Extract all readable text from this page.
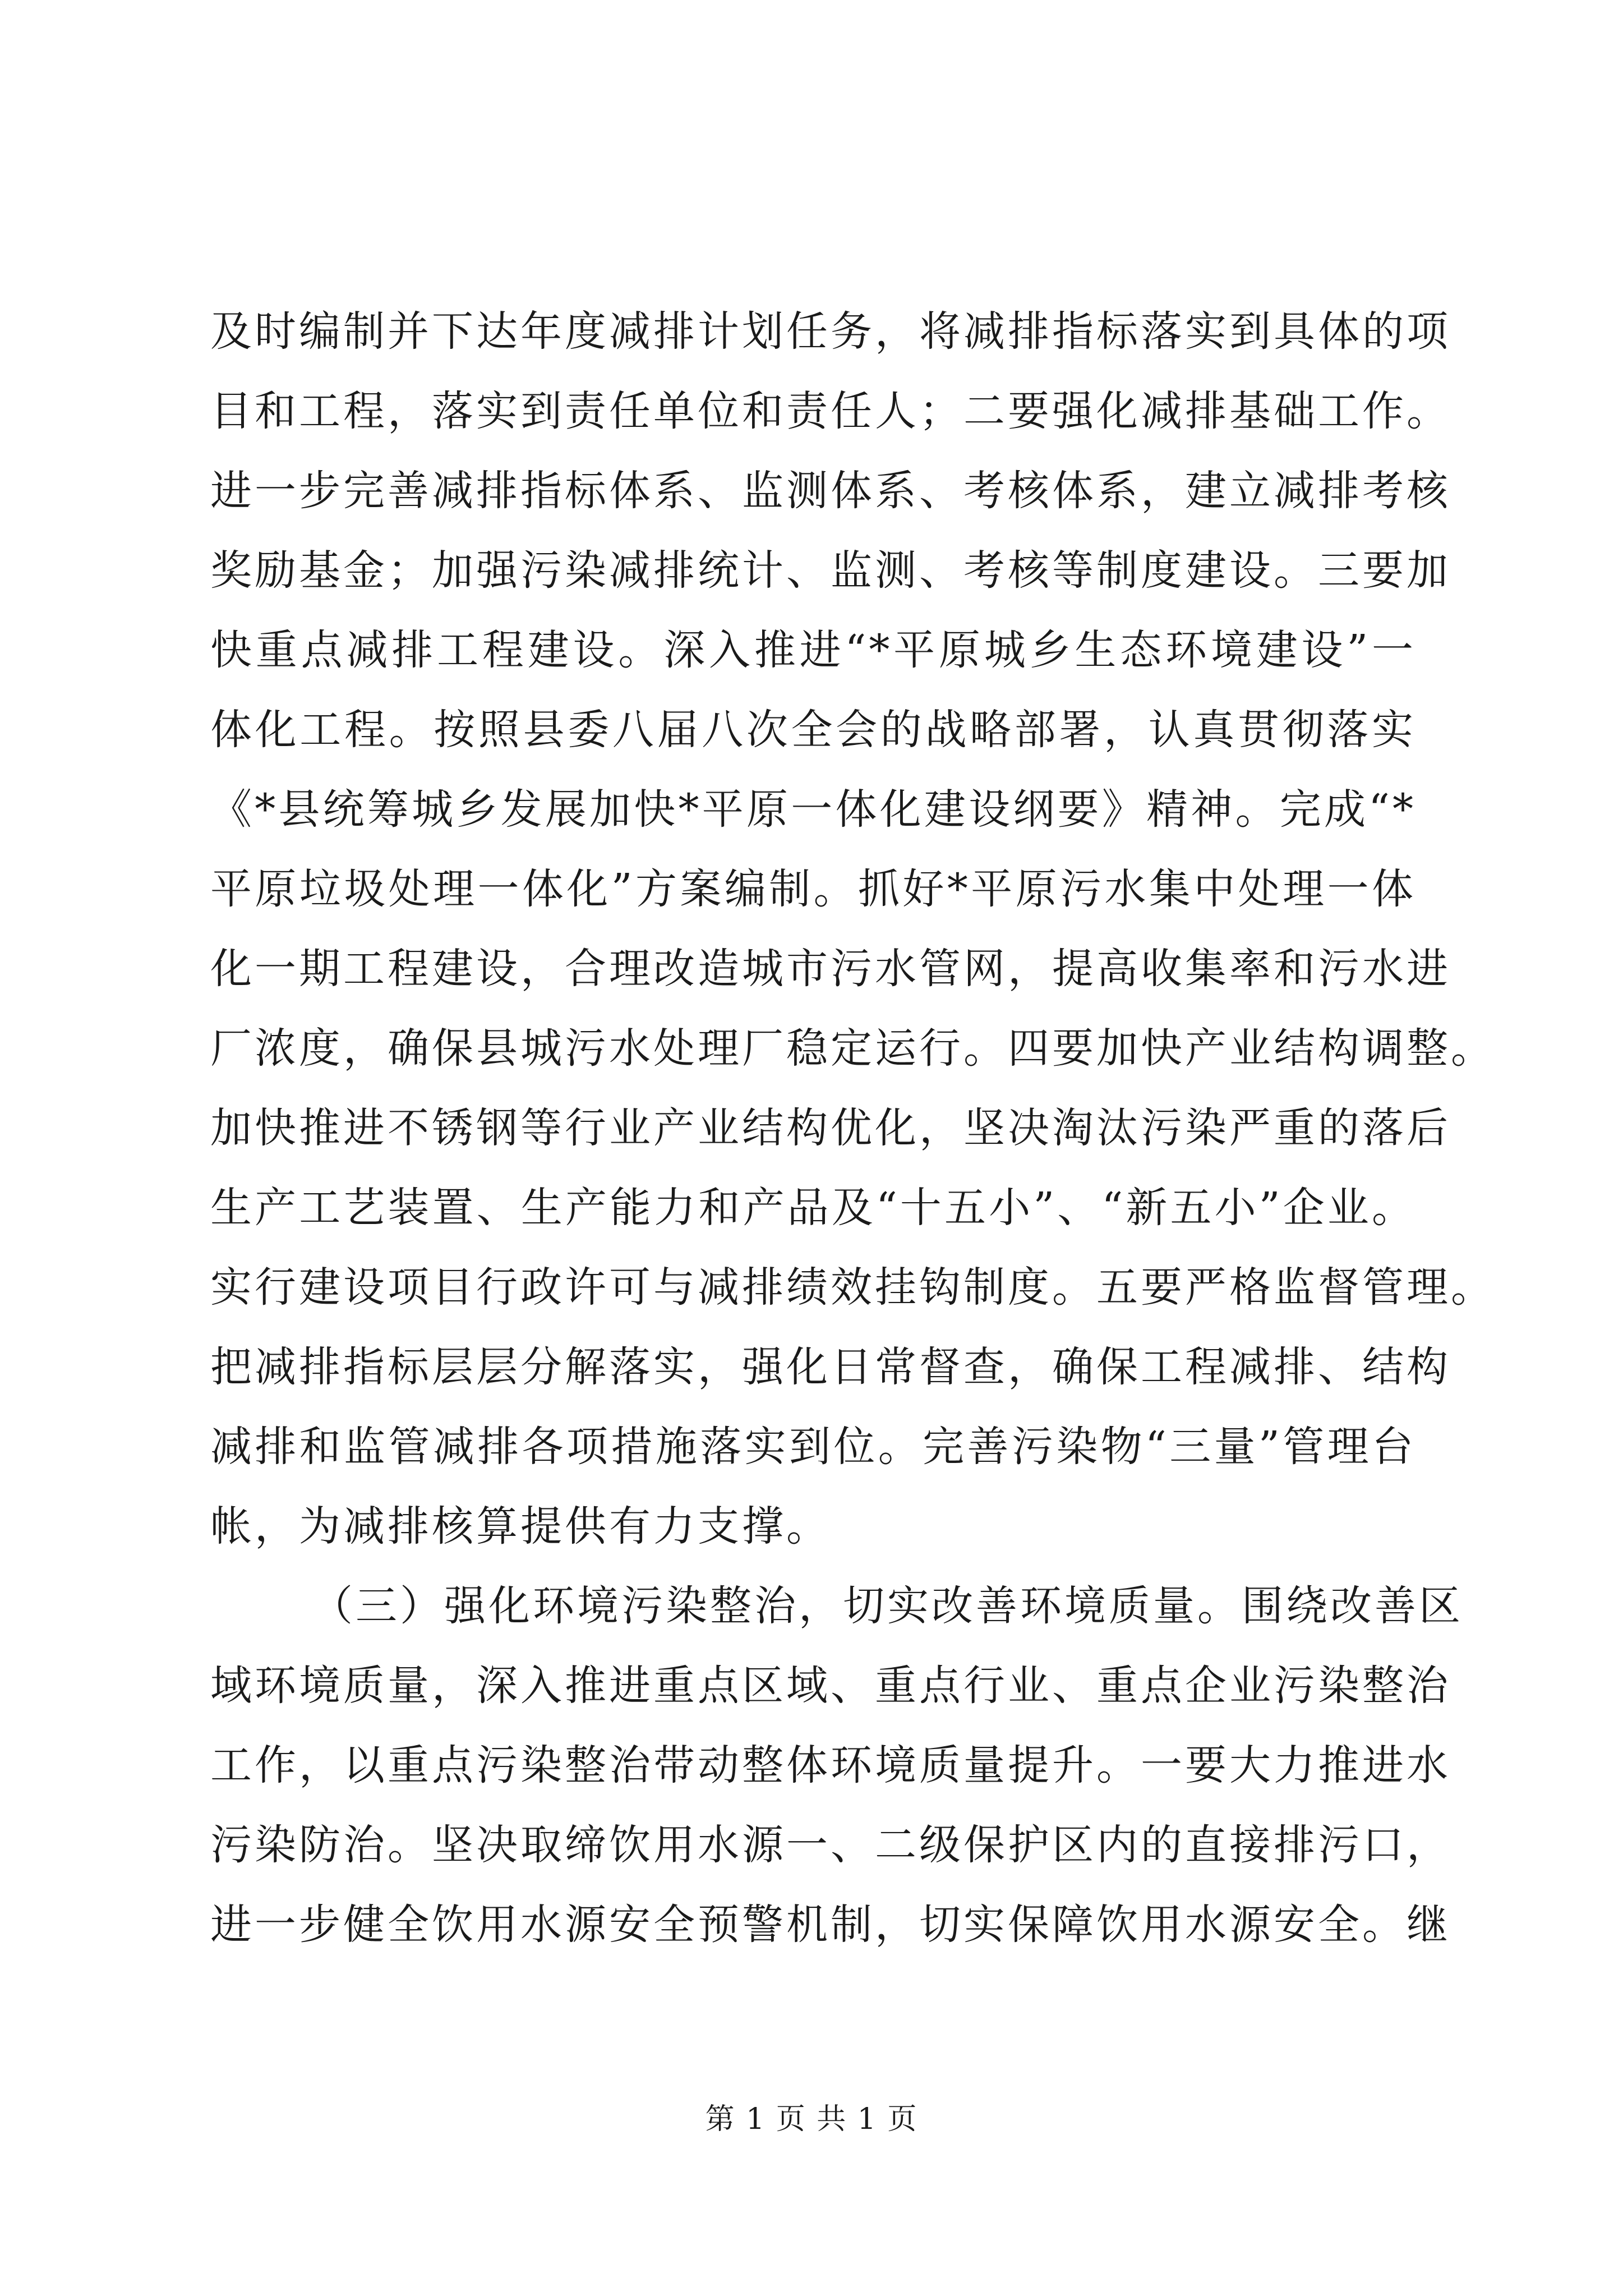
及时编制并下达年度减排计划任务，将减排指标落实到具体的项
目和工程，落实到责任单位和责任人；二要强化减排基础工作。
进一步完善减排指标体系、监测体系、考核体系，建立减排考核
奖励基金；加强污染减排统计、监测、考核等制度建设。三要加
快重点减排工程建设。深入推进“*平原城乡生态环境建设”一
体化工程。按照县委八届八次全会的战略部署，认真贯彻落实
《*县统筹城乡发展加快*平原一体化建设纲要》精神。完成“*
平原垃圾处理一体化”方案编制。抓好*平原污水集中处理一体
化一期工程建设，合理改造城市污水管网，提高收集率和污水进
厂浓度，确保县城污水处理厂稳定运行。四要加快产业结构调整。
加快推进不锈钢等行业产业结构优化，坚决淘汰污染严重的落后
生产工艺装置、生产能力和产品及“十五小”、“新五小”企业。
实行建设项目行政许可与减排绩效挂钩制度。五要严格监督管理。
把减排指标层层分解落实，强化日常督查，确保工程减排、结构
减排和监管减排各项措施落实到位。完善污染物“三量”管理台
帐，为减排核算提供有力支撑。
（三）强化环境污染整治，切实改善环境质量。围绕改善区
域环境质量，深入推进重点区域、重点行业、重点企业污染整治
工作，以重点污染整治带动整体环境质量提升。一要大力推进水
污染防治。坚决取缔饮用水源一、二级保护区内的直接排污口，
进一步健全饮用水源安全预警机制，切实保障饮用水源安全。继
第 1 页 共 1 页
